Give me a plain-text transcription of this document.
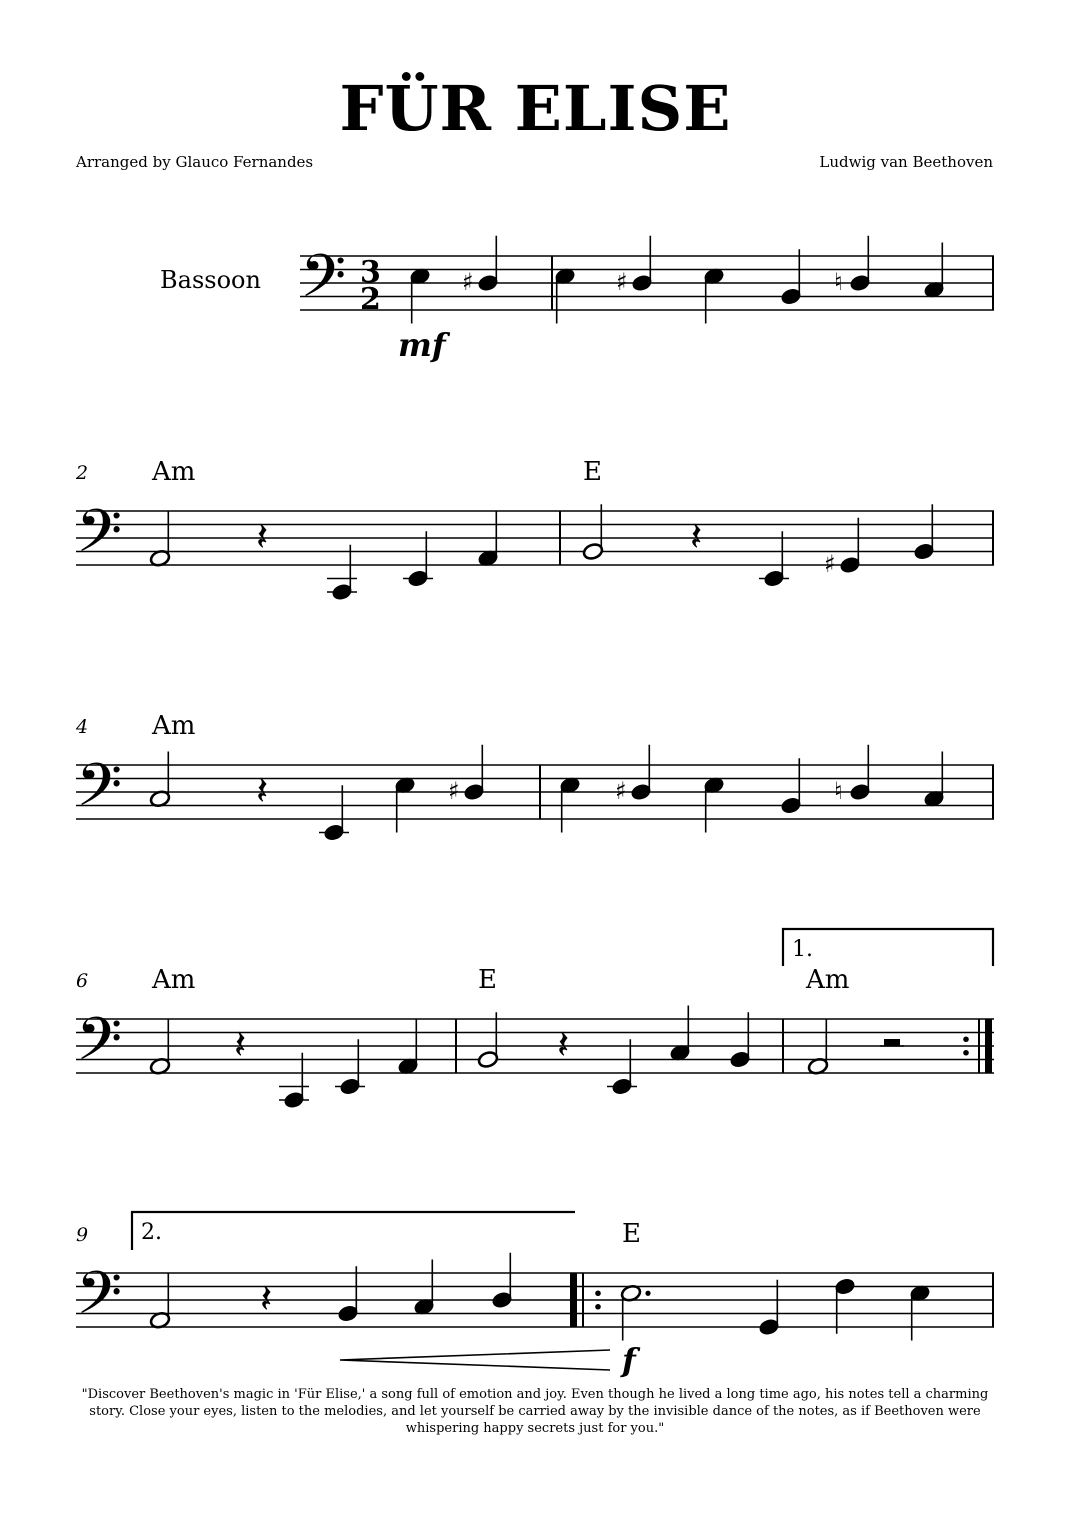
FÜR ELISE
Arranged by Glauco Fernandes	Ludwig van Beethoven
Bassoon
2
4
6
9
Am	E
Am
Am	E	Am
E
1.
2.
mf
f
𝄢 3
2	♯	♯	♮
𝄢	𝄽	𝄽
♯
𝄢	𝄽	♯	♯	♮
𝄢	𝄽	𝄽
𝄢	𝄽
"Discover Beethoven's magic in 'Für Elise,' a song full of emotion and joy. Even though he lived a long time ago, his notes tell a charming story. Close your eyes, listen to the melodies, and let yourself be carried away by the invisible dance of the notes, as if Beethoven were whispering happy secrets just for you."
